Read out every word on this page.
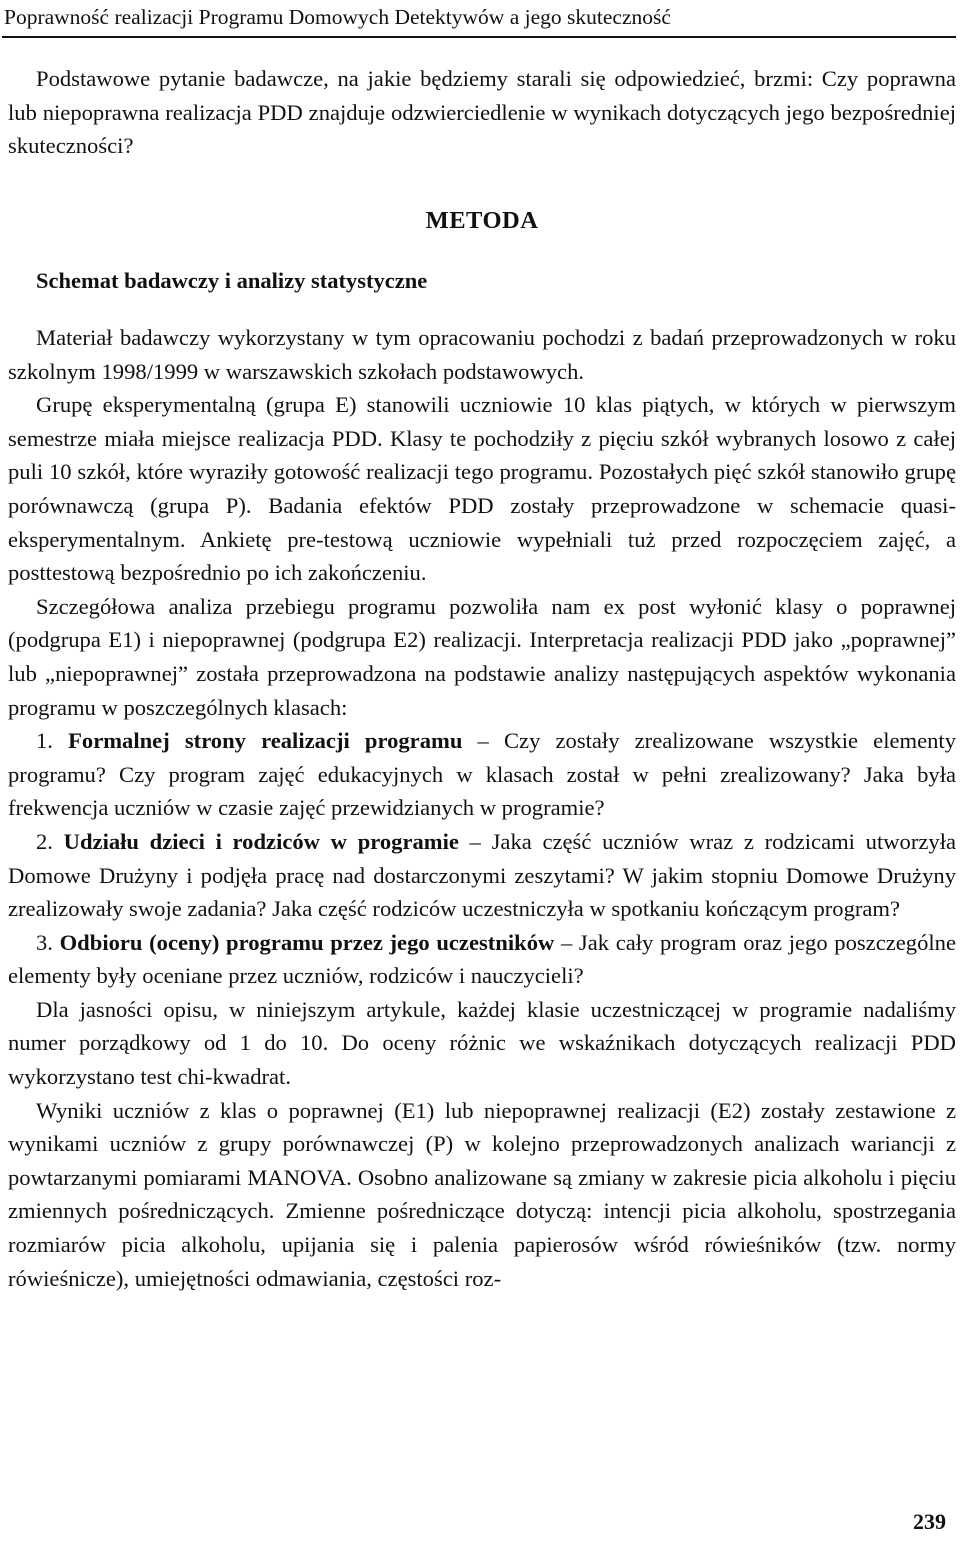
Poprawność realizacji Programu Domowych Detektywów a jego skuteczność

Podstawowe pytanie badawcze, na jakie będziemy starali się odpowiedzieć, brzmi: Czy poprawna lub niepoprawna realizacja PDD znajduje odzwierciedlenie w wynikach dotyczących jego bezpośredniej skuteczności?

METODA
Schemat badawczy i analizy statystyczne

Materiał badawczy wykorzystany w tym opracowaniu pochodzi z badań przeprowadzonych w roku szkolnym 1998/1999 w warszawskich szkołach podstawowych.

Grupę eksperymentalną (grupa E) stanowili uczniowie 10 klas piątych, w których w pierwszym semestrze miała miejsce realizacja PDD. Klasy te pochodziły z pięciu szkół wybranych losowo z całej puli 10 szkół, które wyraziły gotowość realizacji tego programu. Pozostałych pięć szkół stanowiło grupę porównawczą (grupa P). Badania efektów PDD zostały przeprowadzone w schemacie quasi-eksperymentalnym. Ankietę pre-testową uczniowie wypełniali tuż przed rozpoczęciem zajęć, a posttestową bezpośrednio po ich zakończeniu.

Szczegółowa analiza przebiegu programu pozwoliła nam ex post wyłonić klasy o poprawnej (podgrupa E1) i niepoprawnej (podgrupa E2) realizacji. Interpretacja realizacji PDD jako „poprawnej” lub „niepoprawnej” została przeprowadzona na podstawie analizy następujących aspektów wykonania programu w poszczególnych klasach:

1. Formalnej strony realizacji programu – Czy zostały zrealizowane wszystkie elementy programu? Czy program zajęć edukacyjnych w klasach został w pełni zrealizowany? Jaka była frekwencja uczniów w czasie zajęć przewidzianych w programie?

2. Udziału dzieci i rodziców w programie – Jaka część uczniów wraz z rodzicami utworzyła Domowe Drużyny i podjęła pracę nad dostarczonymi zeszytami? W jakim stopniu Domowe Drużyny zrealizowały swoje zadania? Jaka część rodziców uczestniczyła w spotkaniu kończącym program?

3. Odbioru (oceny) programu przez jego uczestników – Jak cały program oraz jego poszczególne elementy były oceniane przez uczniów, rodziców i nauczycieli?

Dla jasności opisu, w niniejszym artykule, każdej klasie uczestniczącej w programie nadaliśmy numer porządkowy od 1 do 10. Do oceny różnic we wskaźnikach dotyczących realizacji PDD wykorzystano test chi-kwadrat.

Wyniki uczniów z klas o poprawnej (E1) lub niepoprawnej realizacji (E2) zostały zestawione z wynikami uczniów z grupy porównawczej (P) w kolejno przeprowadzonych analizach wariancji z powtarzanymi pomiarami MANOVA. Osobno analizowane są zmiany w zakresie picia alkoholu i pięciu zmiennych pośredniczących. Zmienne pośredniczące dotyczą: intencji picia alkoholu, spostrzegania rozmiarów picia alkoholu, upijania się i palenia papierosów wśród rówieśników (tzw. normy rówieśnicze), umiejętności odmawiania, częstości roz-

239
